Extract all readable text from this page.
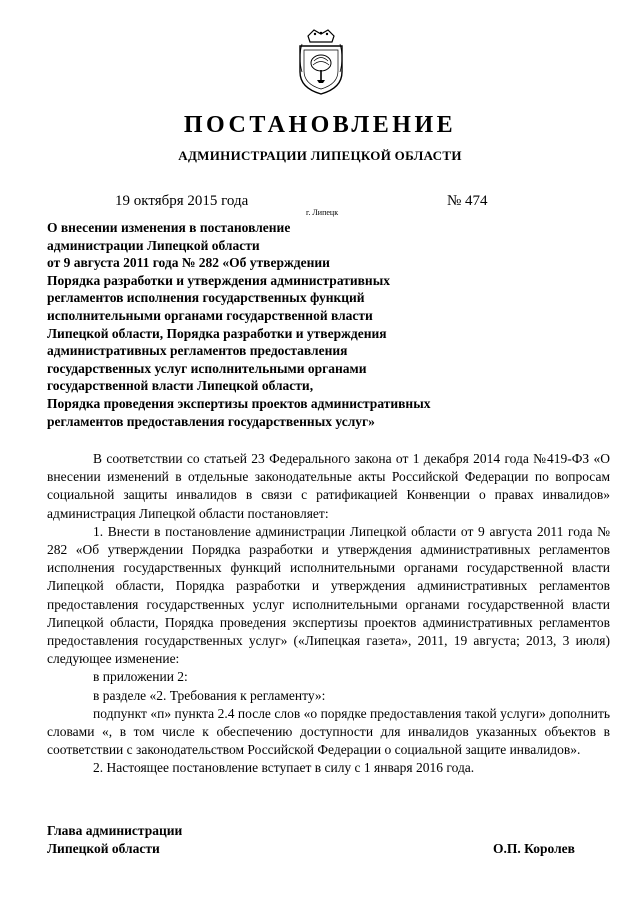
ПОСТАНОВЛЕНИЕ
АДМИНИСТРАЦИИ ЛИПЕЦКОЙ ОБЛАСТИ
19 октября 2015 года
г. Липецк
№ 474
О внесении изменения в постановление
администрации Липецкой области
от 9 августа 2011 года № 282 «Об утверждении
Порядка разработки и утверждения административных
регламентов исполнения государственных функций
исполнительными органами государственной власти
Липецкой области, Порядка разработки и утверждения
административных регламентов предоставления
государственных услуг исполнительными органами
государственной власти Липецкой области,
Порядка проведения экспертизы проектов административных
регламентов предоставления государственных услуг»

В соответствии со статьей 23 Федерального закона от 1 декабря 2014 года №419-ФЗ «О внесении изменений в отдельные законодательные акты Российской Федерации по вопросам социальной защиты инвалидов в связи с ратификацией Конвенции о правах инвалидов» администрация Липецкой области постановляет:

1. Внести в постановление администрации Липецкой области от 9 августа 2011 года № 282 «Об утверждении Порядка разработки и утверждения административных регламентов исполнения государственных функций исполнительными органами государственной власти Липецкой области, Порядка разработки и утверждения административных регламентов предоставления государственных услуг исполнительными органами государственной власти Липецкой области, Порядка проведения экспертизы проектов административных регламентов предоставления государственных услуг» («Липецкая газета», 2011, 19 августа; 2013, 3 июля) следующее изменение:

в приложении 2:

в разделе «2. Требования к регламенту»:

подпункт «п» пункта 2.4 после слов «о порядке предоставления такой услуги» дополнить словами «, в том числе к обеспечению доступности для инвалидов указанных объектов в соответствии с законодательством Российской Федерации о социальной защите инвалидов».

2. Настоящее постановление вступает в силу с 1 января 2016 года.

Глава администрации
Липецкой области	О.П. Королев
